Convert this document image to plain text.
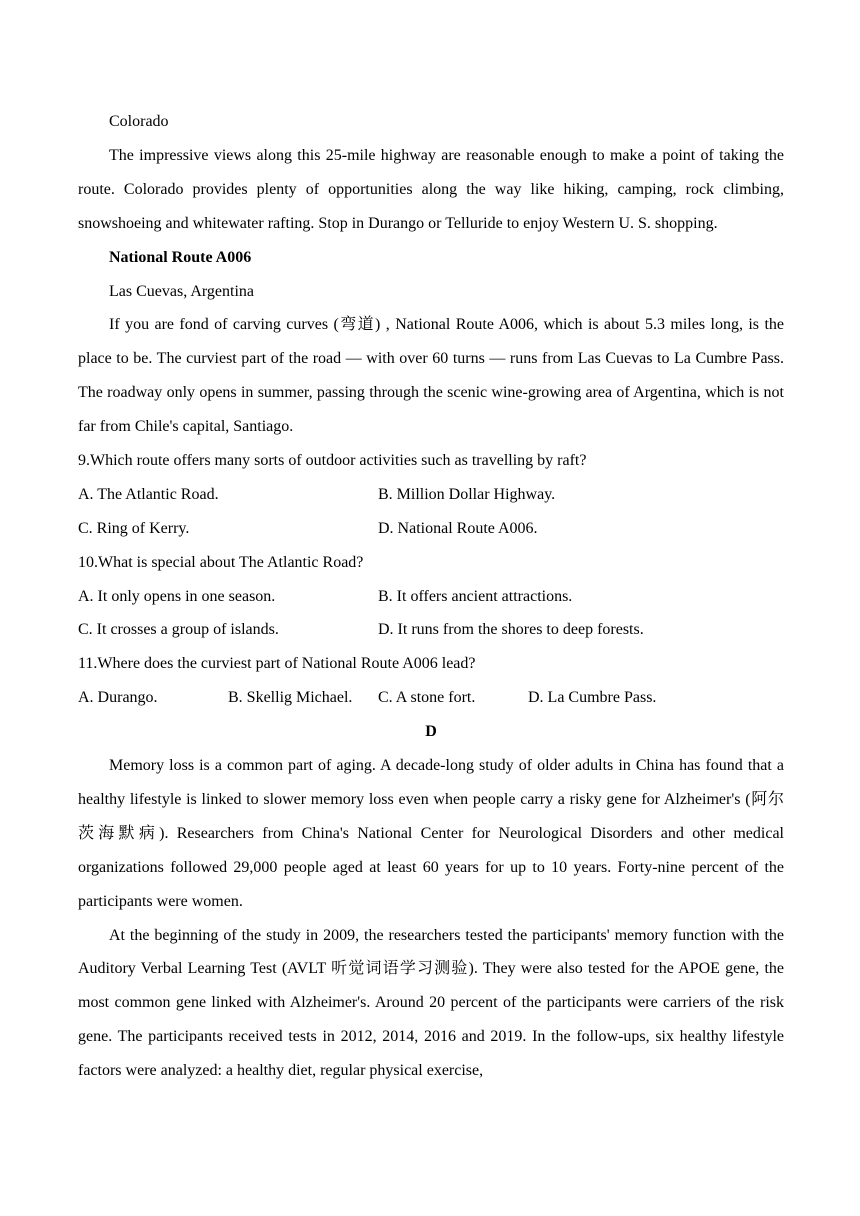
Colorado

The impressive views along this 25-mile highway are reasonable enough to make a point of taking the route. Colorado provides plenty of opportunities along the way like hiking, camping, rock climbing, snowshoeing and whitewater rafting. Stop in Durango or Telluride to enjoy Western U. S. shopping.

National Route A006
Las Cuevas, Argentina

If you are fond of carving curves (弯道) , National Route A006, which is about 5.3 miles long, is the place to be. The curviest part of the road — with over 60 turns — runs from Las Cuevas to La Cumbre Pass. The roadway only opens in summer, passing through the scenic wine-growing area of Argentina, which is not far from Chile's capital, Santiago.

9.Which route offers many sorts of outdoor activities such as travelling by raft?
A. The Atlantic Road.	B. Million Dollar Highway.
C. Ring of Kerry.	D. National Route A006.
10.What is special about The Atlantic Road?
A. It only opens in one season.	B. It offers ancient attractions.
C. It crosses a group of islands.	D. It runs from the shores to deep forests.
11.Where does the curviest part of National Route A006 lead?
A. Durango.	B. Skellig Michael.	C. A stone fort.	D. La Cumbre Pass.
D

Memory loss is a common part of aging. A decade-long study of older adults in China has found that a healthy lifestyle is linked to slower memory loss even when people carry a risky gene for Alzheimer's (阿尔茨海默病). Researchers from China's National Center for Neurological Disorders and other medical organizations followed 29,000 people aged at least 60 years for up to 10 years. Forty-nine percent of the participants were women.

At the beginning of the study in 2009, the researchers tested the participants' memory function with the Auditory Verbal Learning Test (AVLT 听觉词语学习测验). They were also tested for the APOE gene, the most common gene linked with Alzheimer's. Around 20 percent of the participants were carriers of the risk gene. The participants received tests in 2012, 2014, 2016 and 2019. In the follow-ups, six healthy lifestyle factors were analyzed: a healthy diet, regular physical exercise,
